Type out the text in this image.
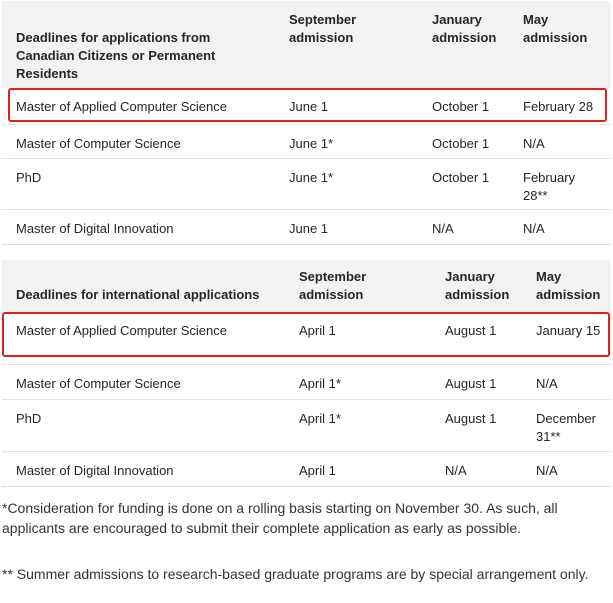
Deadlines for applications from Canadian Citizens or Permanent Residents	September admission	January admission	May admission
Master of Applied Computer Science	June 1	October 1	February 28
Master of Computer Science	June 1*	October 1	N/A
PhD	June 1*	October 1	February 28**
Master of Digital Innovation	June 1	N/A	N/A
Deadlines for international applications	September admission	January admission	May admission
Master of Applied Computer Science	April 1	August 1	January 15
Master of Computer Science	April 1*	August 1	N/A
PhD	April 1*	August 1	December 31**
Master of Digital Innovation	April 1	N/A	N/A

*Consideration for funding is done on a rolling basis starting on November 30. As such, all applicants are encouraged to submit their complete application as early as possible.

** Summer admissions to research-based graduate programs are by special arrangement only.
